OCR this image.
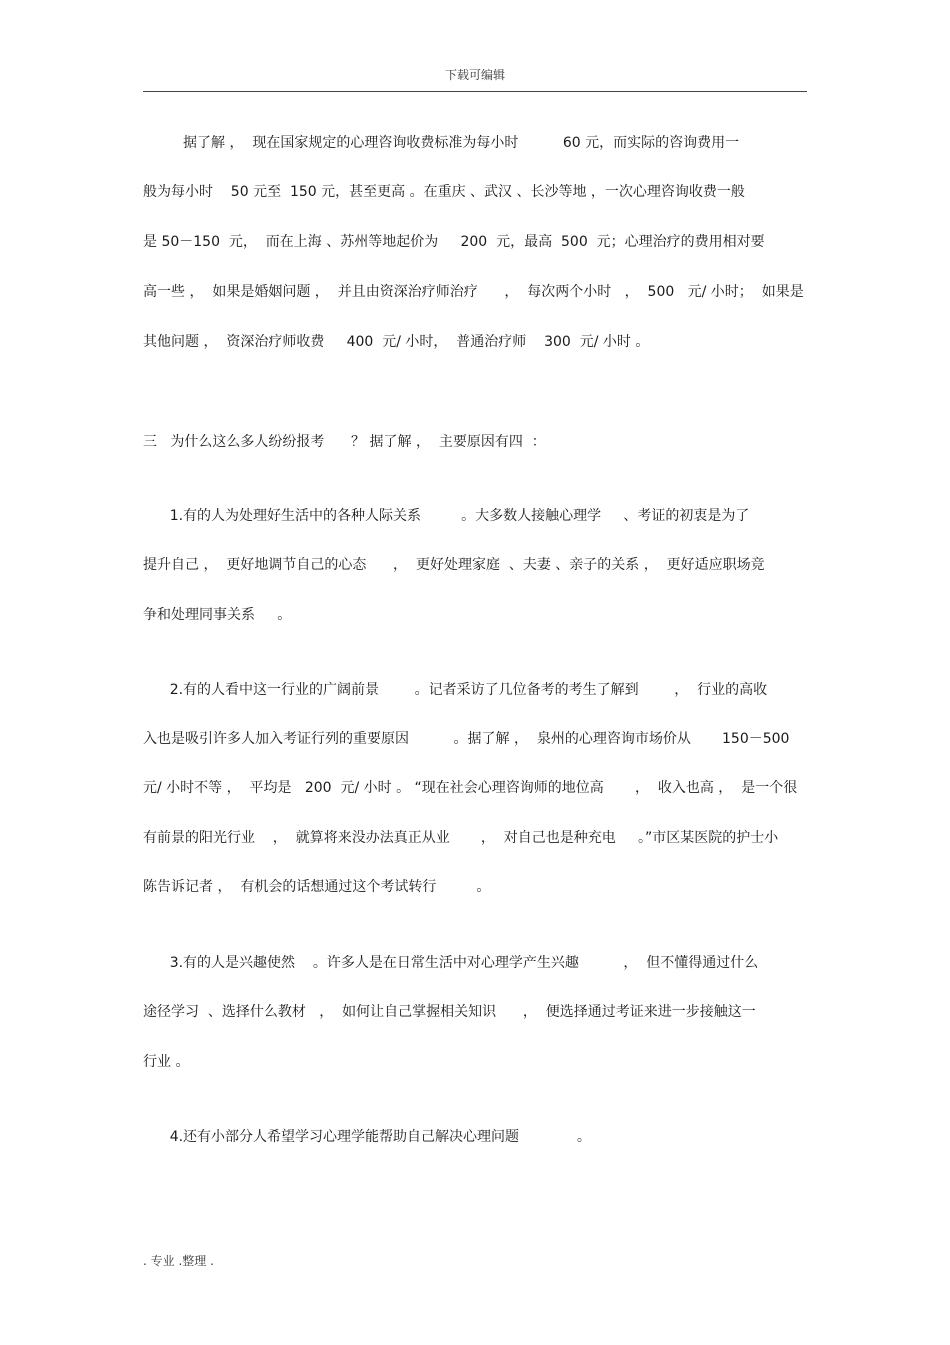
下载可编辑
据了解 ，  现在国家规定的心理咨询收费标准为每小时          60 元，而实际的咨询费用一
般为每小时    50 元至  150 元，甚至更高 。在重庆 、武汉 、长沙等地 ，一次心理咨询收费一般
是 50－150  元，  而在上海 、苏州等地起价为     200  元，最高  500  元；心理治疗的费用相对要
高一些 ，  如果是婚姻问题 ，  并且由资深治疗师治疗      ，  每次两个小时   ，  500   元/ 小时；  如果是
其他问题 ，  资深治疗师收费     400  元/ 小时，  普通治疗师    300  元/ 小时 。
三   为什么这么多人纷纷报考      ？ 据了解 ，  主要原因有四  ：
1.有的人为处理好生活中的各种人际关系         。大多数人接触心理学     、考证的初衷是为了
提升自己 ，  更好地调节自己的心态      ，  更好处理家庭  、夫妻 、亲子的关系 ，  更好适应职场竞
争和处理同事关系     。
2.有的人看中这一行业的广阔前景        。记者采访了几位备考的考生了解到        ，  行业的高收
入也是吸引许多人加入考证行列的重要原因          。据了解 ，  泉州的心理咨询市场价从       150－500
元/ 小时不等 ，  平均是   200  元/ 小时 。 “现在社会心理咨询师的地位高       ，  收入也高 ，  是一个很
有前景的阳光行业    ，  就算将来没办法真正从业       ，  对自己也是种充电     。”市区某医院的护士小
陈告诉记者 ，  有机会的话想通过这个考试转行         。
3.有的人是兴趣使然    。许多人是在日常生活中对心理学产生兴趣          ，  但不懂得通过什么
途径学习  、选择什么教材   ，  如何让自己掌握相关知识      ，  便选择通过考证来进一步接触这一
行业 。
4.还有小部分人希望学习心理学能帮助自己解决心理问题             。
. 专业 .整理 .
